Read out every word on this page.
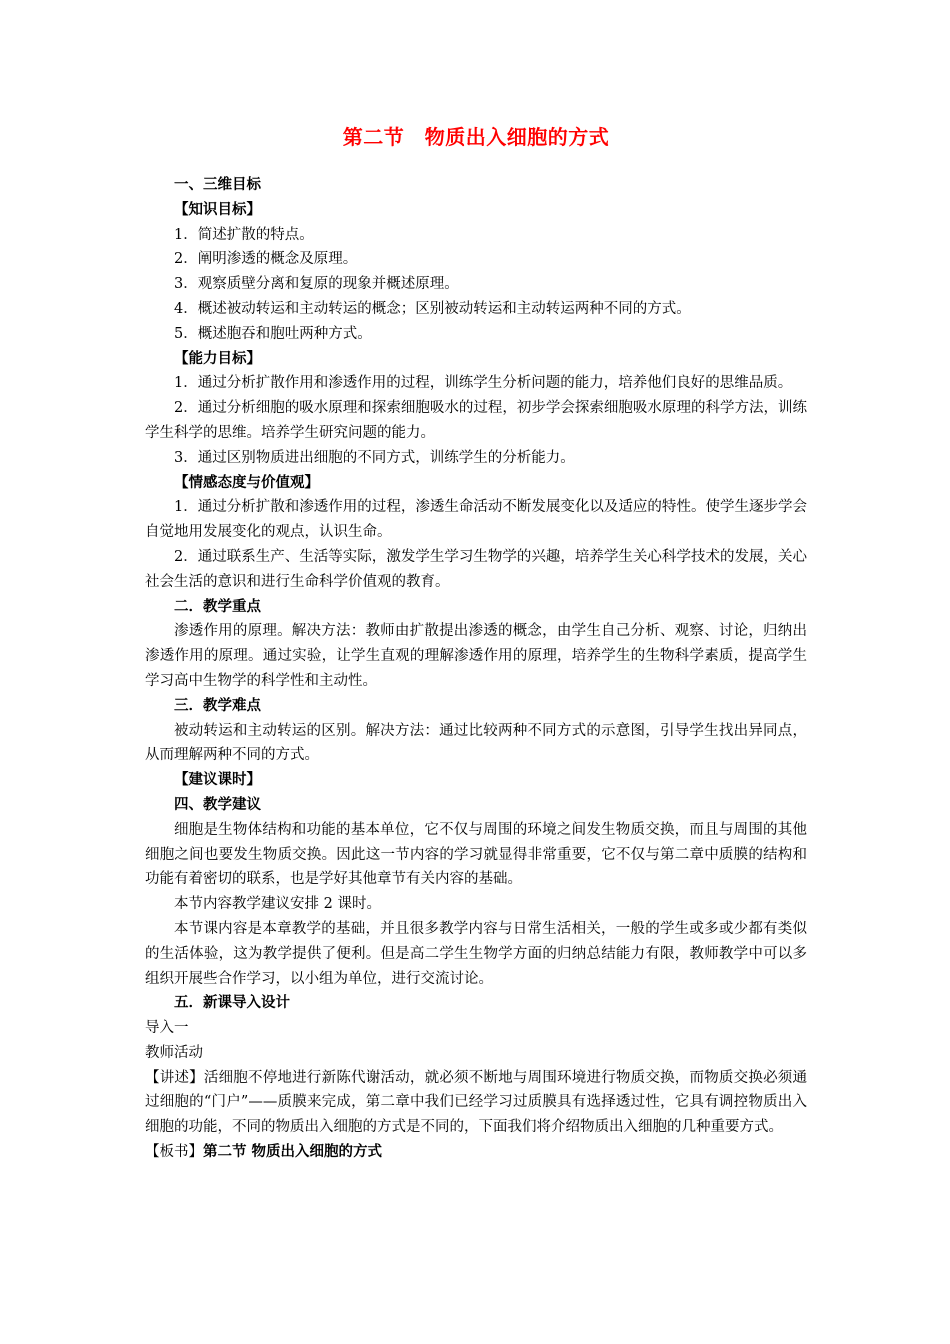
第二节　物质出入细胞的方式

一、三维目标

【知识目标】

1．简述扩散的特点。

2．阐明渗透的概念及原理。

3．观察质壁分离和复原的现象并概述原理。

4．概述被动转运和主动转运的概念；区别被动转运和主动转运两种不同的方式。

5．概述胞吞和胞吐两种方式。

【能力目标】

1．通过分析扩散作用和渗透作用的过程，训练学生分析问题的能力，培养他们良好的思维品质。

2．通过分析细胞的吸水原理和探索细胞吸水的过程，初步学会探索细胞吸水原理的科学方法，训练学生科学的思维。培养学生研究问题的能力。

3．通过区别物质进出细胞的不同方式，训练学生的分析能力。

【情感态度与价值观】

1．通过分析扩散和渗透作用的过程，渗透生命活动不断发展变化以及适应的特性。使学生逐步学会自觉地用发展变化的观点，认识生命。

2．通过联系生产、生活等实际，激发学生学习生物学的兴趣，培养学生关心科学技术的发展，关心社会生活的意识和进行生命科学价值观的教育。

二．教学重点

渗透作用的原理。解决方法：教师由扩散提出渗透的概念，由学生自己分析、观察、讨论，归纳出渗透作用的原理。通过实验，让学生直观的理解渗透作用的原理，培养学生的生物科学素质，提高学生学习高中生物学的科学性和主动性。

三．教学难点

被动转运和主动转运的区别。解决方法：通过比较两种不同方式的示意图，引导学生找出异同点，从而理解两种不同的方式。

【建议课时】

四、教学建议

细胞是生物体结构和功能的基本单位，它不仅与周围的环境之间发生物质交换，而且与周围的其他细胞之间也要发生物质交换。因此这一节内容的学习就显得非常重要，它不仅与第二章中质膜的结构和功能有着密切的联系，也是学好其他章节有关内容的基础。

本节内容教学建议安排 2 课时。

本节课内容是本章教学的基础，并且很多教学内容与日常生活相关，一般的学生或多或少都有类似的生活体验，这为教学提供了便利。但是高二学生生物学方面的归纳总结能力有限，教师教学中可以多组织开展些合作学习，以小组为单位，进行交流讨论。

五．新课导入设计

导入一

教师活动

【讲述】活细胞不停地进行新陈代谢活动，就必须不断地与周围环境进行物质交换，而物质交换必须通过细胞的“门户”——质膜来完成，第二章中我们已经学习过质膜具有选择透过性，它具有调控物质出入细胞的功能，不同的物质出入细胞的方式是不同的，下面我们将介绍物质出入细胞的几种重要方式。

【板书】第二节 物质出入细胞的方式
